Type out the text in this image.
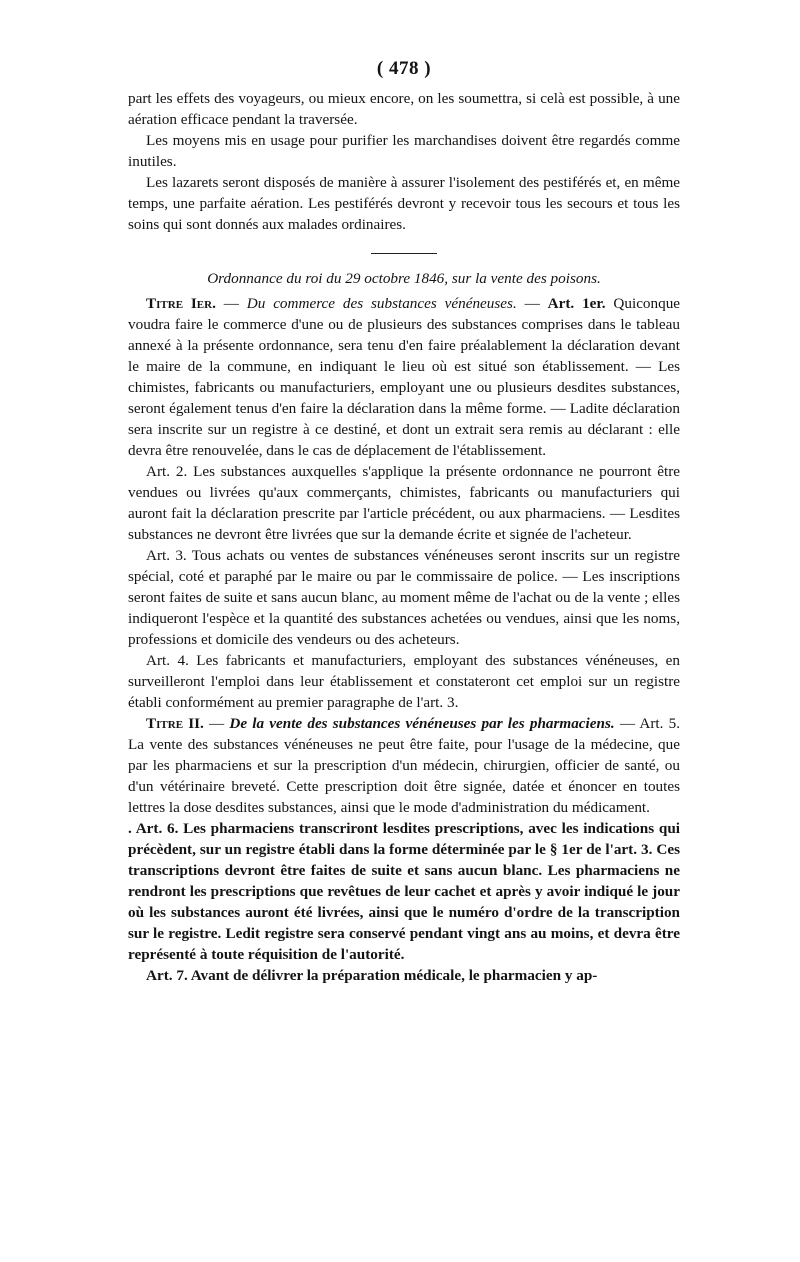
( 478 )

part les effets des voyageurs, ou mieux encore, on les soumettra, si celà est possible, à une aération efficace pendant la traversée.

Les moyens mis en usage pour purifier les marchandises doivent être regardés comme inutiles.

Les lazarets seront disposés de manière à assurer l'isolement des pestiférés et, en même temps, une parfaite aération. Les pestiférés devront y recevoir tous les secours et tous les soins qui sont donnés aux malades ordinaires.

Ordonnance du roi du 29 octobre 1846, sur la vente des poisons.

Titre Ier. — Du commerce des substances vénéneuses. — Art. 1er. Quiconque voudra faire le commerce d'une ou de plusieurs des substances comprises dans le tableau annexé à la présente ordonnance, sera tenu d'en faire préalablement la déclaration devant le maire de la commune, en indiquant le lieu où est situé son établissement. — Les chimistes, fabricants ou manufacturiers, employant une ou plusieurs desdites substances, seront également tenus d'en faire la déclaration dans la même forme. — Ladite déclaration sera inscrite sur un registre à ce destiné, et dont un extrait sera remis au déclarant : elle devra être renouvelée, dans le cas de déplacement de l'établissement.

Art. 2. Les substances auxquelles s'applique la présente ordonnance ne pourront être vendues ou livrées qu'aux commerçants, chimistes, fabricants ou manufacturiers qui auront fait la déclaration prescrite par l'article précédent, ou aux pharmaciens. — Lesdites substances ne devront être livrées que sur la demande écrite et signée de l'acheteur.

Art. 3. Tous achats ou ventes de substances vénéneuses seront inscrits sur un registre spécial, coté et paraphé par le maire ou par le commissaire de police. — Les inscriptions seront faites de suite et sans aucun blanc, au moment même de l'achat ou de la vente ; elles indiqueront l'espèce et la quantité des substances achetées ou vendues, ainsi que les noms, professions et domicile des vendeurs ou des acheteurs.

Art. 4. Les fabricants et manufacturiers, employant des substances vénéneuses, en surveilleront l'emploi dans leur établissement et constateront cet emploi sur un registre établi conformément au premier paragraphe de l'art. 3.

Titre II. — De la vente des substances vénéneuses par les pharmaciens. — Art. 5. La vente des substances vénéneuses ne peut être faite, pour l'usage de la médecine, que par les pharmaciens et sur la prescription d'un médecin, chirurgien, officier de santé, ou d'un vétérinaire breveté. Cette prescription doit être signée, datée et énoncer en toutes lettres la dose desdites substances, ainsi que le mode d'administration du médicament.

. Art. 6. Les pharmaciens transcriront lesdites prescriptions, avec les indications qui précèdent, sur un registre établi dans la forme déterminée par le § 1er de l'art. 3. Ces transcriptions devront être faites de suite et sans aucun blanc. Les pharmaciens ne rendront les prescriptions que revêtues de leur cachet et après y avoir indiqué le jour où les substances auront été livrées, ainsi que le numéro d'ordre de la transcription sur le registre. Ledit registre sera conservé pendant vingt ans au moins, et devra être représenté à toute réquisition de l'autorité.

Art. 7. Avant de délivrer la préparation médicale, le pharmacien y ap-
